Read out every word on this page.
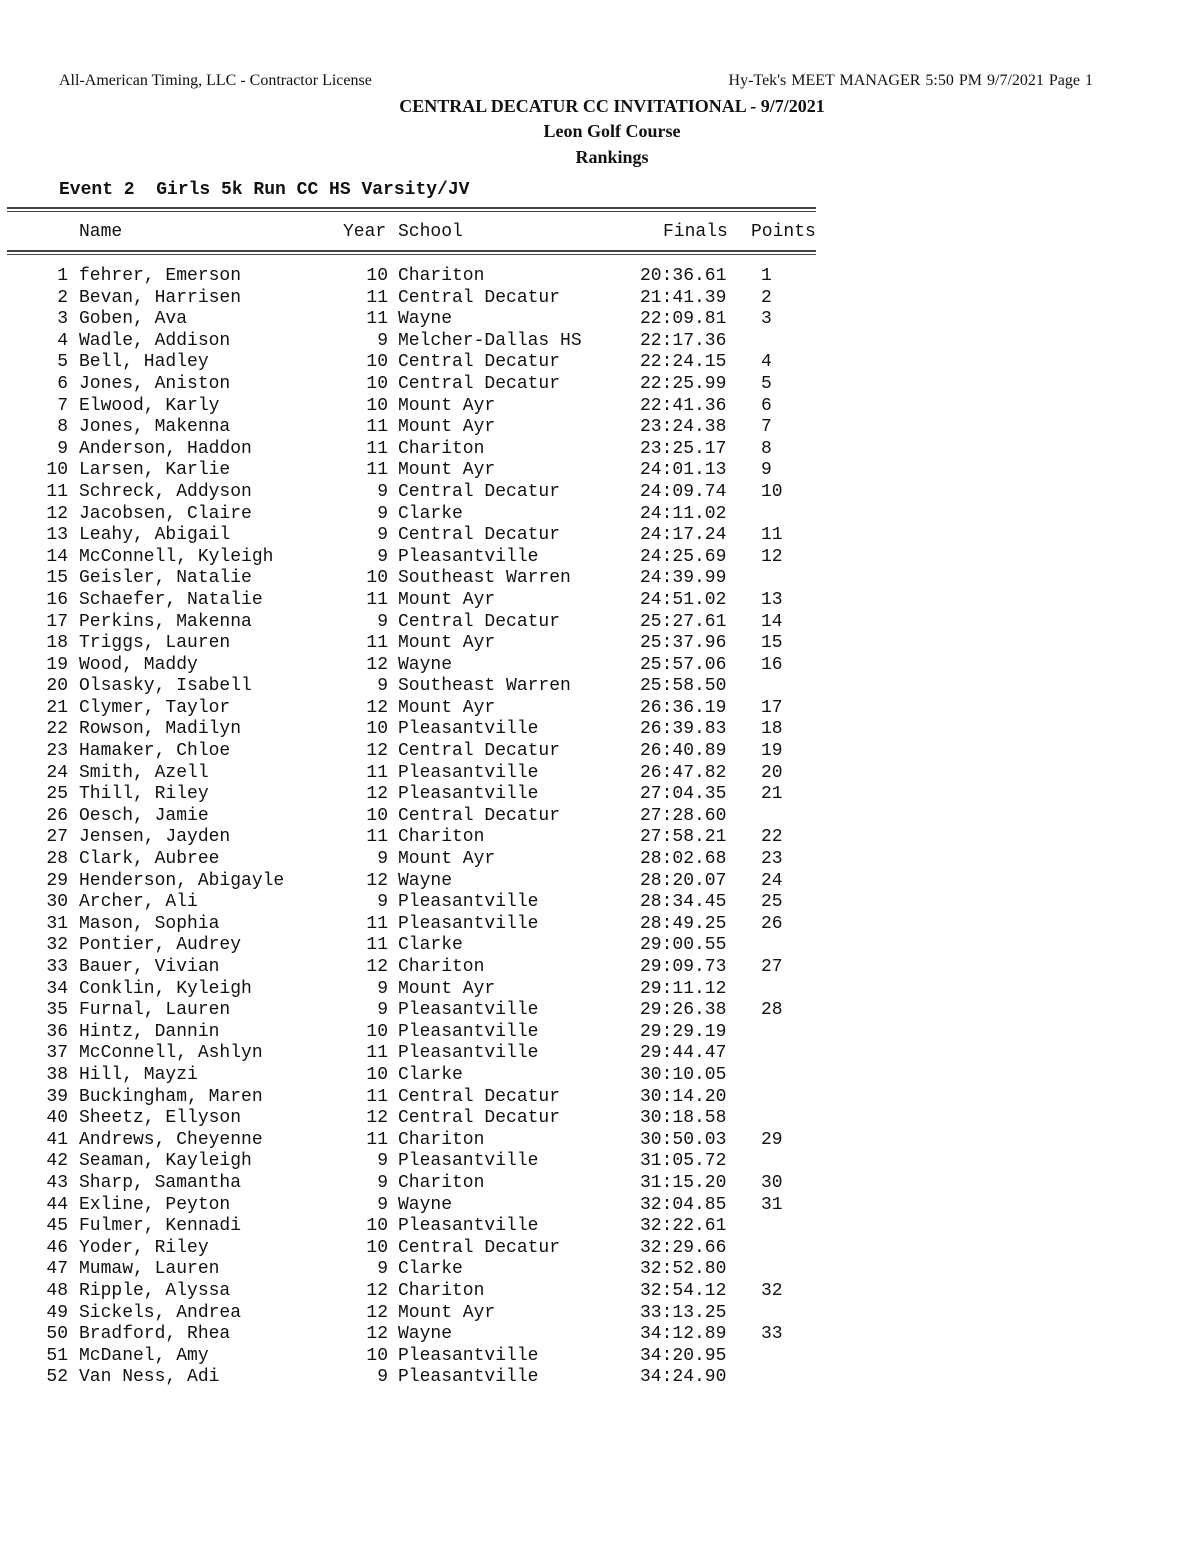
All-American Timing, LLC - Contractor License	Hy-Tek's MEET MANAGER 5:50 PM 9/7/2021 Page 1
CENTRAL DECATUR CC INVITATIONAL - 9/7/2021
Leon Golf Course
Rankings
Event 2  Girls 5k Run CC HS Varsity/JV
Name	Year School	Finals Points
1 fehrer, Emerson	10 Chariton	20:36.61 1
2 Bevan, Harrisen	11 Central Decatur	21:41.39 2
3 Goben, Ava	11 Wayne	22:09.81 3
4 Wadle, Addison	9 Melcher-Dallas HS	22:17.36
5 Bell, Hadley	10 Central Decatur	22:24.15 4
6 Jones, Aniston	10 Central Decatur	22:25.99 5
7 Elwood, Karly	10 Mount Ayr	22:41.36 6
8 Jones, Makenna	11 Mount Ayr	23:24.38 7
9 Anderson, Haddon	11 Chariton	23:25.17 8
10 Larsen, Karlie	11 Mount Ayr	24:01.13 9
11 Schreck, Addyson	9 Central Decatur	24:09.74 10
12 Jacobsen, Claire	9 Clarke	24:11.02
13 Leahy, Abigail	9 Central Decatur	24:17.24 11
14 McConnell, Kyleigh	9 Pleasantville	24:25.69 12
15 Geisler, Natalie	10 Southeast Warren	24:39.99
16 Schaefer, Natalie	11 Mount Ayr	24:51.02 13
17 Perkins, Makenna	9 Central Decatur	25:27.61 14
18 Triggs, Lauren	11 Mount Ayr	25:37.96 15
19 Wood, Maddy	12 Wayne	25:57.06 16
20 Olsasky, Isabell	9 Southeast Warren	25:58.50
21 Clymer, Taylor	12 Mount Ayr	26:36.19 17
22 Rowson, Madilyn	10 Pleasantville	26:39.83 18
23 Hamaker, Chloe	12 Central Decatur	26:40.89 19
24 Smith, Azell	11 Pleasantville	26:47.82 20
25 Thill, Riley	12 Pleasantville	27:04.35 21
26 Oesch, Jamie	10 Central Decatur	27:28.60
27 Jensen, Jayden	11 Chariton	27:58.21 22
28 Clark, Aubree	9 Mount Ayr	28:02.68 23
29 Henderson, Abigayle	12 Wayne	28:20.07 24
30 Archer, Ali	9 Pleasantville	28:34.45 25
31 Mason, Sophia	11 Pleasantville	28:49.25 26
32 Pontier, Audrey	11 Clarke	29:00.55
33 Bauer, Vivian	12 Chariton	29:09.73 27
34 Conklin, Kyleigh	9 Mount Ayr	29:11.12
35 Furnal, Lauren	9 Pleasantville	29:26.38 28
36 Hintz, Dannin	10 Pleasantville	29:29.19
37 McConnell, Ashlyn	11 Pleasantville	29:44.47
38 Hill, Mayzi	10 Clarke	30:10.05
39 Buckingham, Maren	11 Central Decatur	30:14.20
40 Sheetz, Ellyson	12 Central Decatur	30:18.58
41 Andrews, Cheyenne	11 Chariton	30:50.03 29
42 Seaman, Kayleigh	9 Pleasantville	31:05.72
43 Sharp, Samantha	9 Chariton	31:15.20 30
44 Exline, Peyton	9 Wayne	32:04.85 31
45 Fulmer, Kennadi	10 Pleasantville	32:22.61
46 Yoder, Riley	10 Central Decatur	32:29.66
47 Mumaw, Lauren	9 Clarke	32:52.80
48 Ripple, Alyssa	12 Chariton	32:54.12 32
49 Sickels, Andrea	12 Mount Ayr	33:13.25
50 Bradford, Rhea	12 Wayne	34:12.89 33
51 McDanel, Amy	10 Pleasantville	34:20.95
52 Van Ness, Adi	9 Pleasantville	34:24.90
